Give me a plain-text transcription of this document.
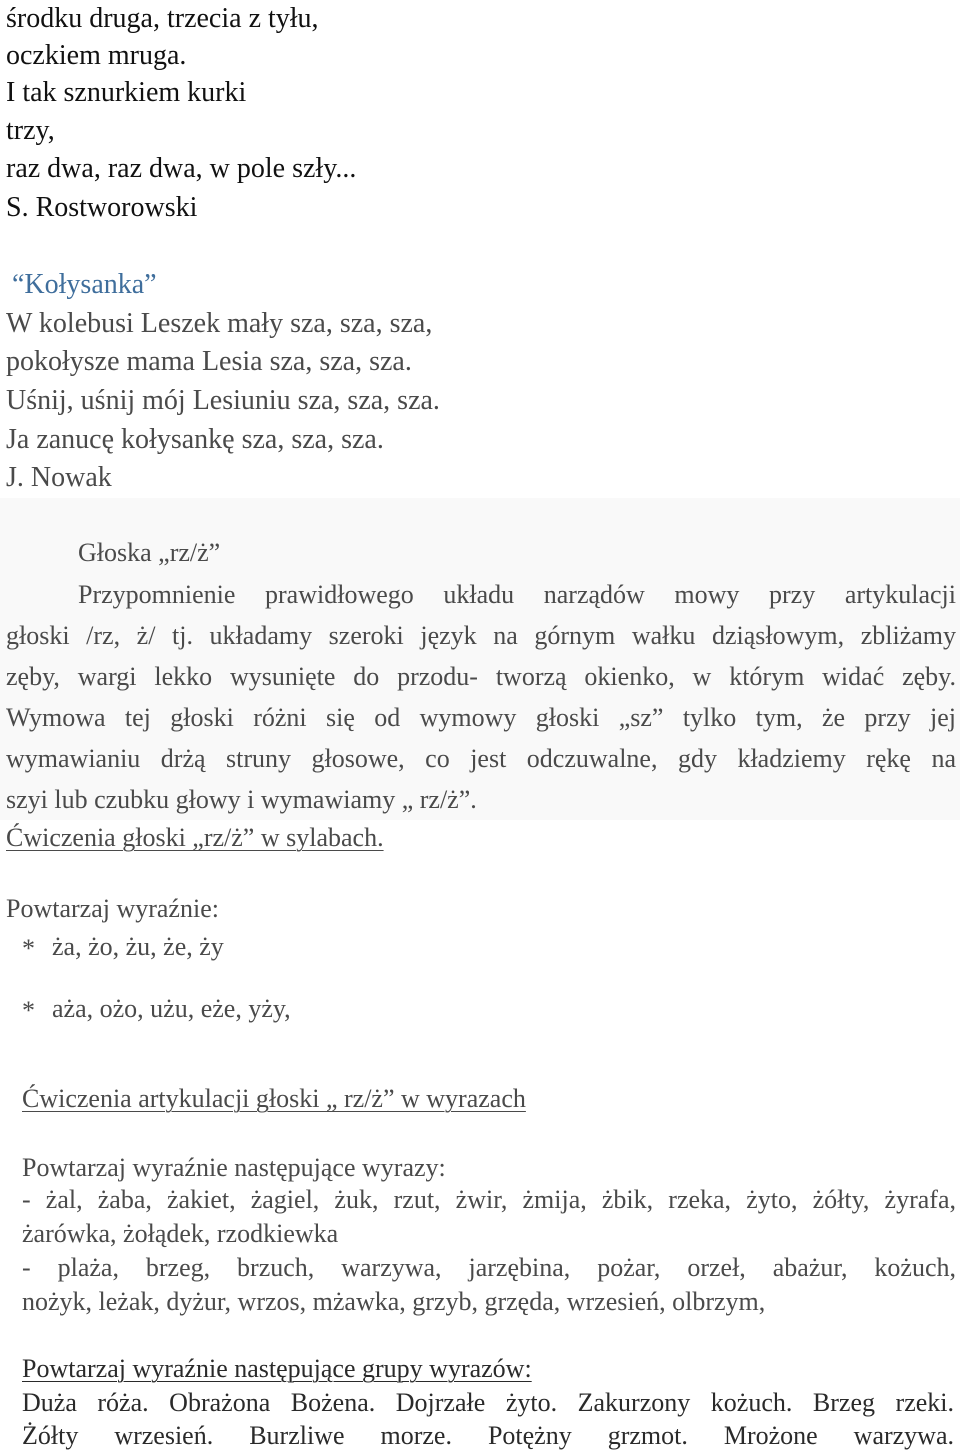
środku druga, trzecia z tyłu,
oczkiem mruga.
I tak sznurkiem kurki
trzy,
raz dwa, raz dwa, w pole szły...
S. Rostworowski
“Kołysanka”
W kolebusi Leszek mały sza, sza, sza,
pokołysze mama Lesia sza, sza, sza.
Uśnij, uśnij mój Lesiuniu sza, sza, sza.
Ja zanucę kołysankę sza, sza, sza.
J. Nowak
Głoska „rz/ż”
Przypomnienie prawidłowego układu narządów mowy przy artykulacji
głoski /rz, ż/ tj. układamy szeroki język na górnym wałku dziąsłowym, zbliżamy
zęby, wargi lekko wysunięte do przodu- tworzą okienko, w którym widać zęby.
Wymowa tej głoski różni się od wymowy głoski „sz” tylko tym, że przy jej
wymawianiu drżą struny głosowe, co jest odczuwalne, gdy kładziemy rękę na
szyi lub czubku głowy i wymawiamy „ rz/ż”.
Ćwiczenia głoski „rz/ż” w sylabach.
Powtarzaj wyraźnie:
* ża, żo, żu, że, ży
* aża, ożo, użu, eże, yży,
Ćwiczenia artykulacji głoski „ rz/ż” w wyrazach
Powtarzaj wyraźnie następujące wyrazy:
- żal, żaba, żakiet, żagiel, żuk, rzut, żwir, żmija, żbik, rzeka, żyto, żółty, żyrafa,
żarówka, żołądek, rzodkiewka
- plaża, brzeg, brzuch, warzywa, jarzębina, pożar, orzeł, abażur, kożuch,
nożyk, leżak, dyżur, wrzos, mżawka, grzyb, grzęda, wrzesień, olbrzym,
Powtarzaj wyraźnie następujące grupy wyrazów:
Duża róża. Obrażona Bożena. Dojrzałe żyto. Zakurzony kożuch. Brzeg rzeki.
Żółty wrzesień. Burzliwe morze. Potężny grzmot. Mrożone warzywa.
